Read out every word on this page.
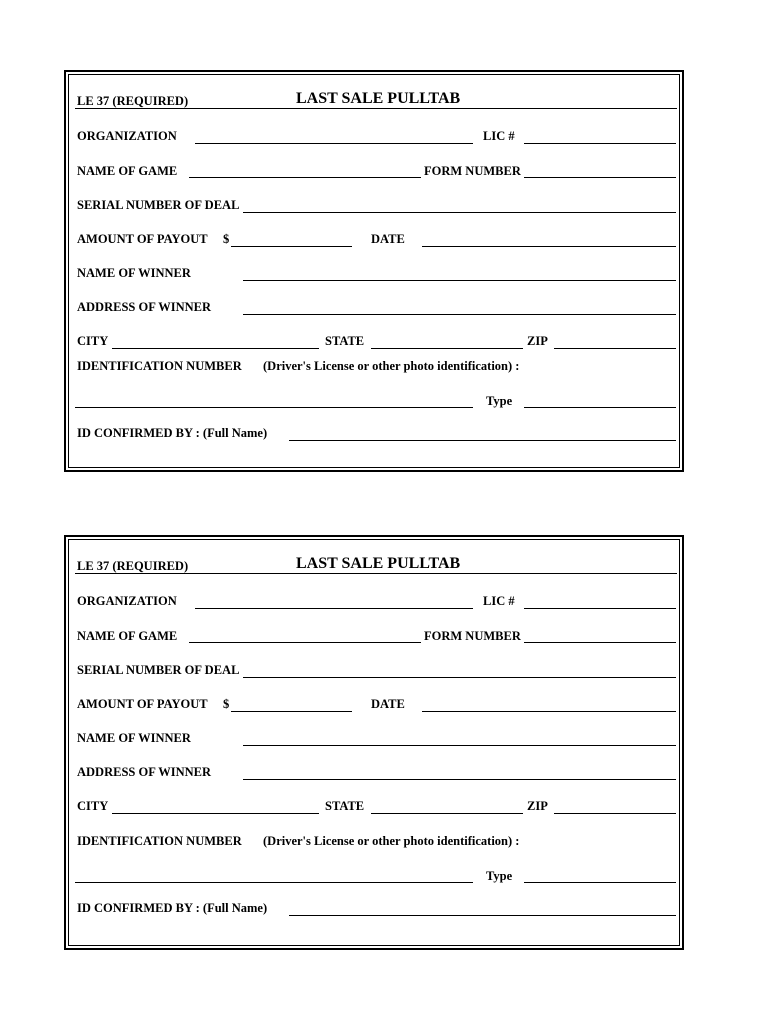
LE 37 (REQUIRED)	LAST SALE PULLTAB
ORGANIZATION	LIC #
NAME OF GAME	FORM NUMBER
SERIAL NUMBER OF DEAL
AMOUNT OF PAYOUT $	DATE
NAME OF WINNER
ADDRESS OF WINNER
CITY	STATE	ZIP
IDENTIFICATION NUMBER (Driver's License or other photo identification) :
Type
ID CONFIRMED BY : (Full Name)
LE 37 (REQUIRED)	LAST SALE PULLTAB
ORGANIZATION	LIC #
NAME OF GAME	FORM NUMBER
SERIAL NUMBER OF DEAL
AMOUNT OF PAYOUT $	DATE
NAME OF WINNER
ADDRESS OF WINNER
CITY	STATE	ZIP
IDENTIFICATION NUMBER (Driver's License or other photo identification) :
Type
ID CONFIRMED BY : (Full Name)
